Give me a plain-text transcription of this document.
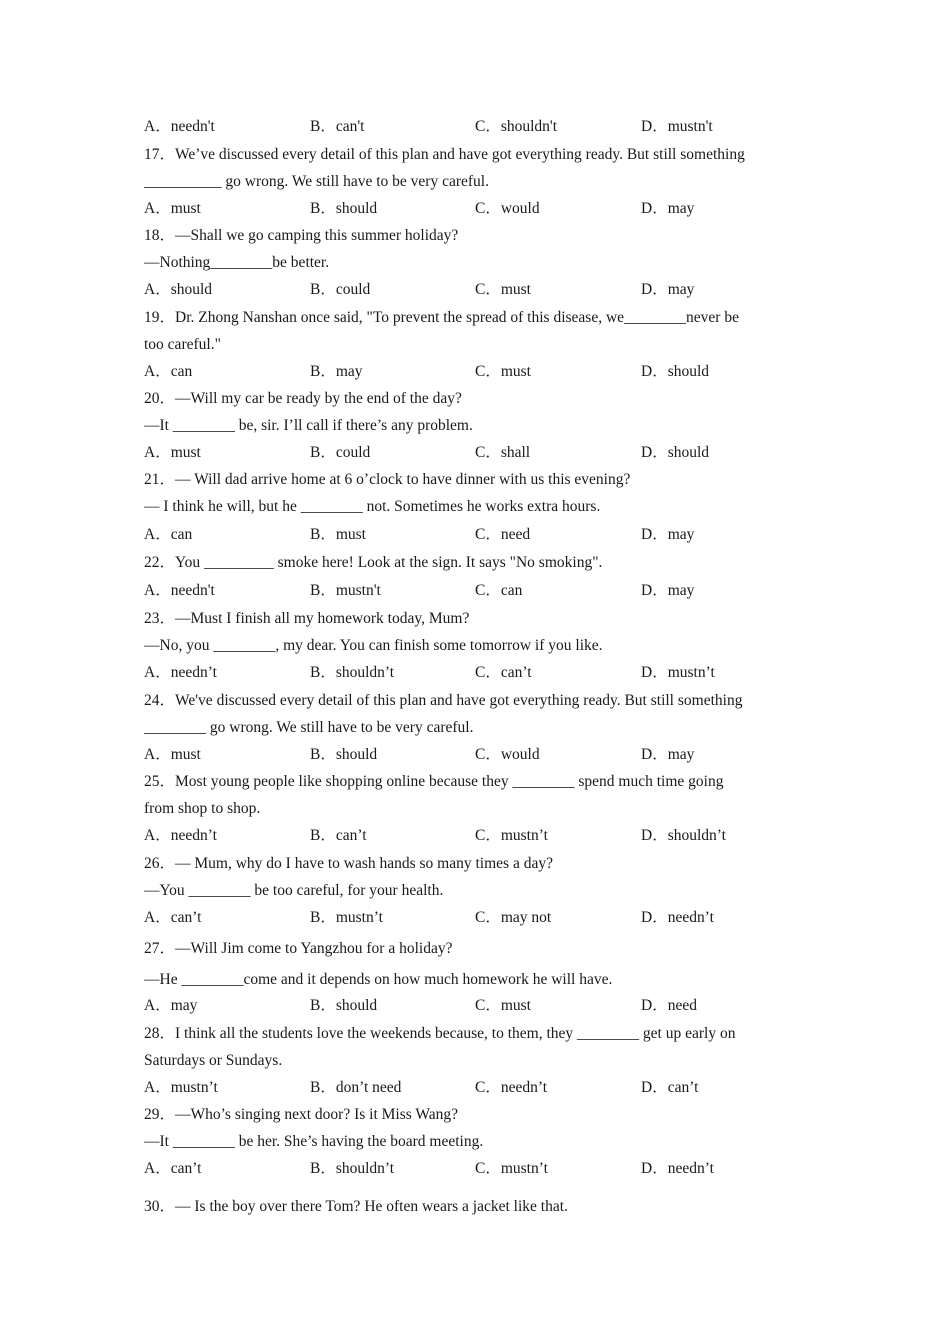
A．needn't	B．can't	C．shouldn't	D．mustn't
17．We’ve discussed every detail of this plan and have got everything ready. But still something
__________ go wrong. We still have to be very careful.
A．must	B．should	C．would	D．may
18．—Shall we go camping this summer holiday?
—Nothing________be better.
A．should	B．could	C．must	D．may
19．Dr. Zhong Nanshan once said, "To prevent the spread of this disease, we________never be
too careful."
A．can	B．may	C．must	D．should
20．—Will my car be ready by the end of the day?
—It ________ be, sir. I’ll call if there’s any problem.
A．must	B．could	C．shall	D．should
21．— Will dad arrive home at 6 o’clock to have dinner with us this evening?
— I think he will, but he ________ not. Sometimes he works extra hours.
A．can	B．must	C．need	D．may
22．You _________ smoke here! Look at the sign. It says "No smoking".
A．needn't	B．mustn't	C．can	D．may
23．—Must I finish all my homework today, Mum?
—No, you ________, my dear. You can finish some tomorrow if you like.
A．needn’t	B．shouldn’t	C．can’t	D．mustn’t
24．We've discussed every detail of this plan and have got everything ready. But still something
________ go wrong. We still have to be very careful.
A．must	B．should	C．would	D．may
25．Most young people like shopping online because they ________ spend much time going
from shop to shop.
A．needn’t	B．can’t	C．mustn’t	D．shouldn’t
26．— Mum, why do I have to wash hands so many times a day?
—You ________ be too careful, for your health.
A．can’t	B．mustn’t	C．may not	D．needn’t
27．—Will Jim come to Yangzhou for a holiday?
—He ________come and it depends on how much homework he will have.
A．may	B．should	C．must	D．need
28．I think all the students love the weekends because, to them, they ________ get up early on
Saturdays or Sundays.
A．mustn’t	B．don’t need	C．needn’t	D．can’t
29．—Who’s singing next door? Is it Miss Wang?
—It ________ be her. She’s having the board meeting.
A．can’t	B．shouldn’t	C．mustn’t	D．needn’t
30．— Is the boy over there Tom? He often wears a jacket like that.
